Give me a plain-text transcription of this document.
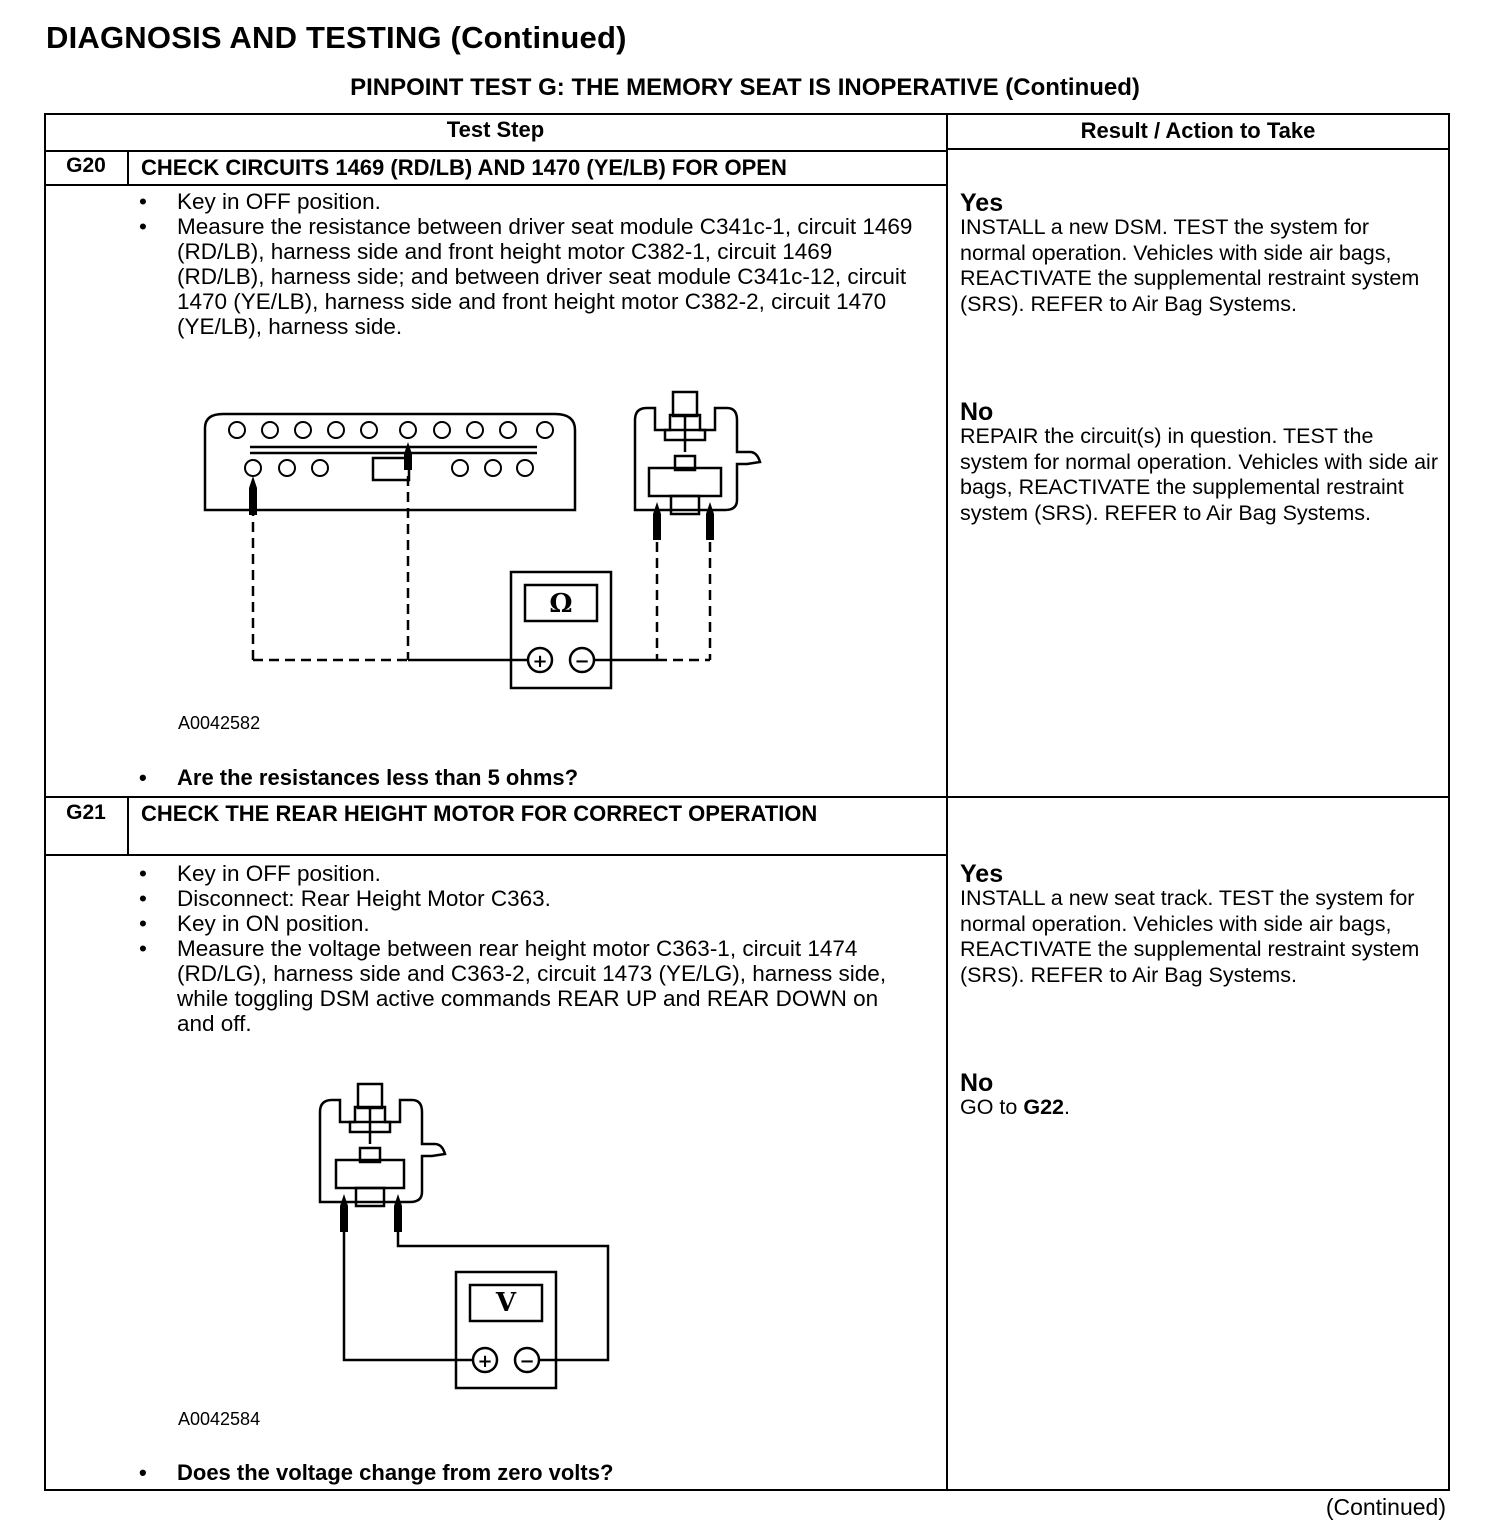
DIAGNOSIS AND TESTING (Continued)
PINPOINT TEST G: THE MEMORY SEAT IS INOPERATIVE (Continued)
Test Step	Result / Action to Take
G20	CHECK CIRCUITS 1469 (RD/LB) AND 1470 (YE/LB) FOR OPEN
• Key in OFF position.
• Measure the resistance between driver seat module C341c-1, circuit 1469 (RD/LB), harness side and front height motor C382-1, circuit 1469 (RD/LB), harness side; and between driver seat module C341c-12, circuit 1470 (YE/LB), harness side and front height motor C382-2, circuit 1470 (YE/LB), harness side.
Ω
+ −
A0042582
• Are the resistances less than 5 ohms?
Yes
INSTALL a new DSM. TEST the system for normal operation. Vehicles with side air bags, REACTIVATE the supplemental restraint system (SRS). REFER to Air Bag Systems.
No
REPAIR the circuit(s) in question. TEST the system for normal operation. Vehicles with side air bags, REACTIVATE the supplemental restraint system (SRS). REFER to Air Bag Systems.
G21	CHECK THE REAR HEIGHT MOTOR FOR CORRECT OPERATION
• Key in OFF position.
• Disconnect: Rear Height Motor C363.
• Key in ON position.
• Measure the voltage between rear height motor C363-1, circuit 1474 (RD/LG), harness side and C363-2, circuit 1473 (YE/LG), harness side, while toggling DSM active commands REAR UP and REAR DOWN on and off.
V
+ −
A0042584
• Does the voltage change from zero volts?
Yes
INSTALL a new seat track. TEST the system for normal operation. Vehicles with side air bags, REACTIVATE the supplemental restraint system (SRS). REFER to Air Bag Systems.
No
GO to G22.
(Continued)
